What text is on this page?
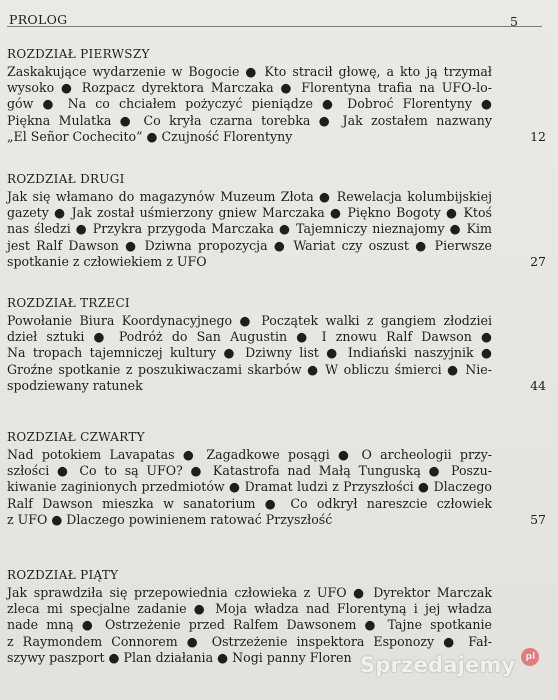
PROLOG	5
ROZDZIAŁ PIERWSZY
Zaskakujące wydarzenie w Bogocie ● Kto stracił głowę, a kto ją trzymał
wysoko ● Rozpacz dyrektora Marczaka ● Florentyna trafia na UFO-lo-
gów ● Na co chciałem pożyczyć pieniądze ● Dobroć Florentyny ●
Piękna Mulatka ● Co kryła czarna torebka ● Jak zostałem nazwany
„El Señor Cochecito” ● Czujność Florentyny	12
ROZDZIAŁ DRUGI
Jak się włamano do magazynów Muzeum Złota ● Rewelacja kolumbijskiej
gazety ● Jak został uśmierzony gniew Marczaka ● Piękno Bogoty ● Ktoś
nas śledzi ● Przykra przygoda Marczaka ● Tajemniczy nieznajomy ● Kim
jest Ralf Dawson ● Dziwna propozycja ● Wariat czy oszust ● Pierwsze
spotkanie z człowiekiem z UFO	27
ROZDZIAŁ TRZECI
Powołanie Biura Koordynacyjnego ● Początek walki z gangiem złodziei
dzieł sztuki ● Podróż do San Augustin ● I znowu Ralf Dawson ●
Na tropach tajemniczej kultury ● Dziwny list ● Indiański naszyjnik ●
Groźne spotkanie z poszukiwaczami skarbów ● W obliczu śmierci ● Nie-
spodziewany ratunek	44
ROZDZIAŁ CZWARTY
Nad potokiem Lavapatas ● Zagadkowe posągi ● O archeologii przy-
szłości ● Co to są UFO? ● Katastrofa nad Małą Tunguską ● Poszu-
kiwanie zaginionych przedmiotów ● Dramat ludzi z Przyszłości ● Dlaczego
Ralf Dawson mieszka w sanatorium ● Co odkrył nareszcie człowiek
z UFO ● Dlaczego powinienem ratować Przyszłość	57
ROZDZIAŁ PIĄTY
Jak sprawdziła się przepowiednia człowieka z UFO ● Dyrektor Marczak
zleca mi specjalne zadanie ● Moja władza nad Florentyną i jej władza
nade mną ● Ostrzeżenie przed Ralfem Dawsonem ● Tajne spotkanie
z Raymondem Connorem ● Ostrzeżenie inspektora Esponozy ● Fał-
szywy paszport ● Plan działania ● Nogi panny Floren Sprzedajemy	pl
